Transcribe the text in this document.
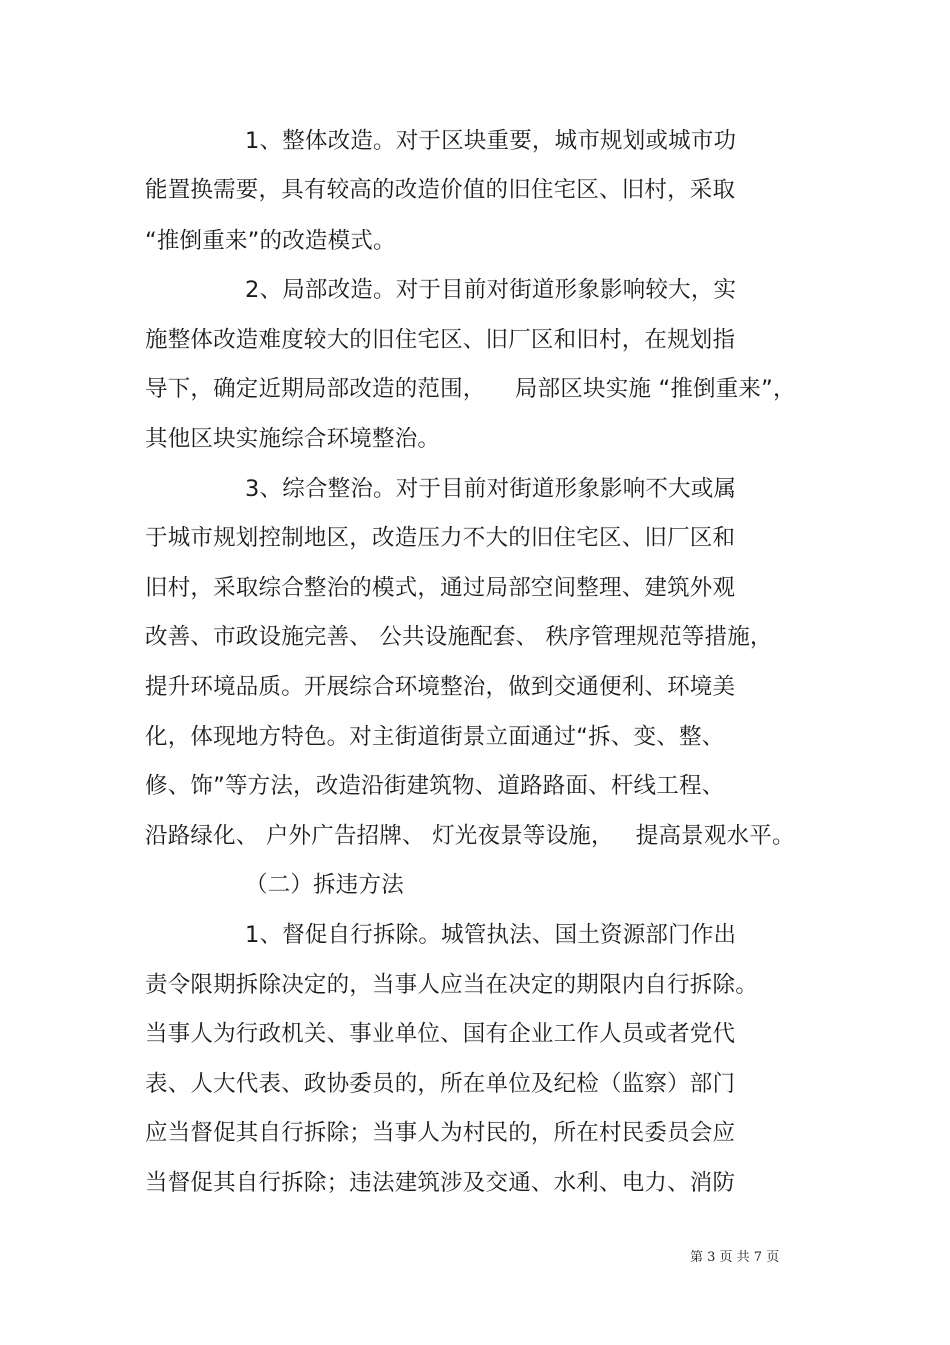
1、整体改造。对于区块重要，城市规划或城市功
能置换需要，具有较高的改造价值的旧住宅区、旧村，采取
“推倒重来”的改造模式。
2、局部改造。对于目前对街道形象影响较大，实
施整体改造难度较大的旧住宅区、旧厂区和旧村，在规划指
导下，确定近期局部改造的范围，    局部区块实施 “推倒重来”，
其他区块实施综合环境整治。
3、综合整治。对于目前对街道形象影响不大或属
于城市规划控制地区，改造压力不大的旧住宅区、旧厂区和
旧村，采取综合整治的模式，通过局部空间整理、建筑外观
改善、市政设施完善、 公共设施配套、 秩序管理规范等措施，
提升环境品质。开展综合环境整治，做到交通便利、环境美
化，体现地方特色。对主街道街景立面通过“拆、变、整、
修、饰”等方法，改造沿街建筑物、道路路面、杆线工程、
沿路绿化、 户外广告招牌、 灯光夜景等设施，   提高景观水平。
（二）拆违方法
1、督促自行拆除。城管执法、国土资源部门作出
责令限期拆除决定的，当事人应当在决定的期限内自行拆除。
当事人为行政机关、事业单位、国有企业工作人员或者党代
表、人大代表、政协委员的，所在单位及纪检（监察）部门
应当督促其自行拆除；当事人为村民的，所在村民委员会应
当督促其自行拆除；违法建筑涉及交通、水利、电力、消防
第 3 页 共 7 页
